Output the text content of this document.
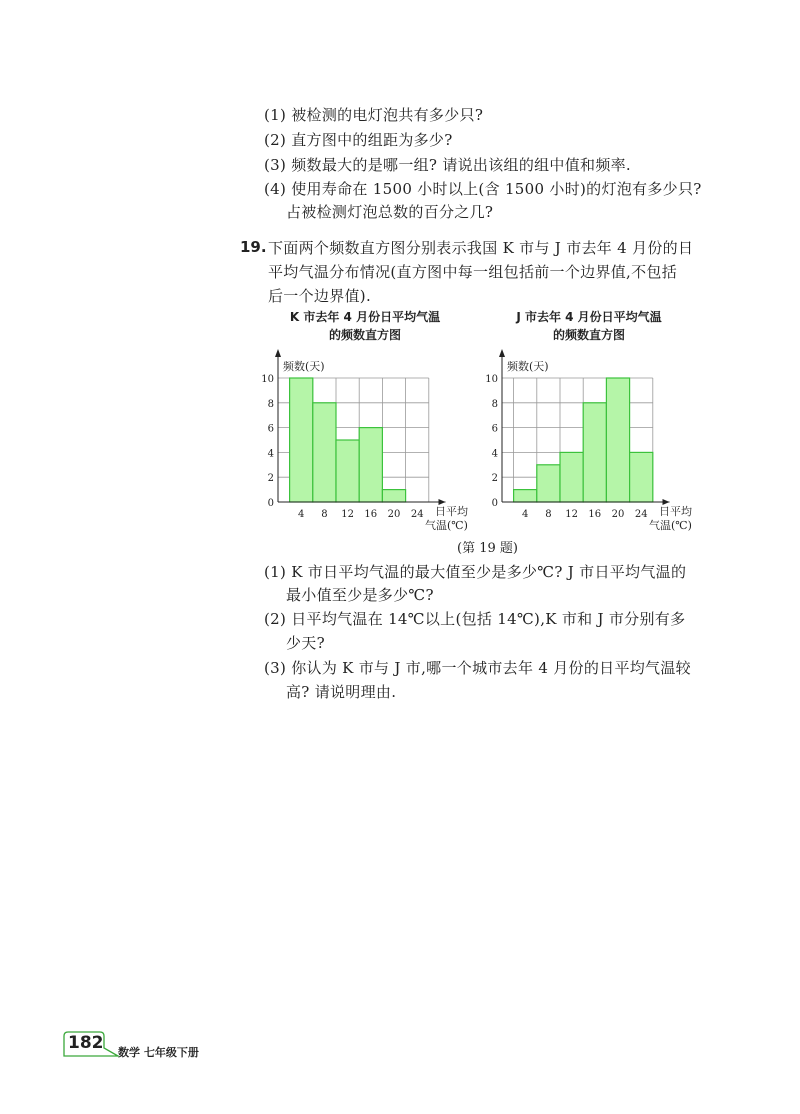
(1) 被检测的电灯泡共有多少只?
(2) 直方图中的组距为多少?
(3) 频数最大的是哪一组? 请说出该组的组中值和频率.
(4) 使用寿命在 1500 小时以上(含 1500 小时)的灯泡有多少只?
占被检测灯泡总数的百分之几?
19. 下面两个频数直方图分别表示我国 K 市与 J 市去年 4 月份的日
平均气温分布情况(直方图中每一组包括前一个边界值,不包括
后一个边界值).
K 市去年 4 月份日平均气温
的频数直方图
J 市去年 4 月份日平均气温
的频数直方图
频数(天)
0
2
4
6
8
10
4 8 12 16 20 24 日平均
气温(℃)
频数(天)
0
2
4
6
8
10
4 8 12 16 20 24 日平均
气温(℃)
(第 19 题)
(1) K 市日平均气温的最大值至少是多少℃? J 市日平均气温的
最小值至少是多少℃?
(2) 日平均气温在 14℃以上(包括 14℃),K 市和 J 市分别有多
少天?
(3) 你认为 K 市与 J 市,哪一个城市去年 4 月份的日平均气温较
高? 请说明理由.
182 数学 七年级下册
